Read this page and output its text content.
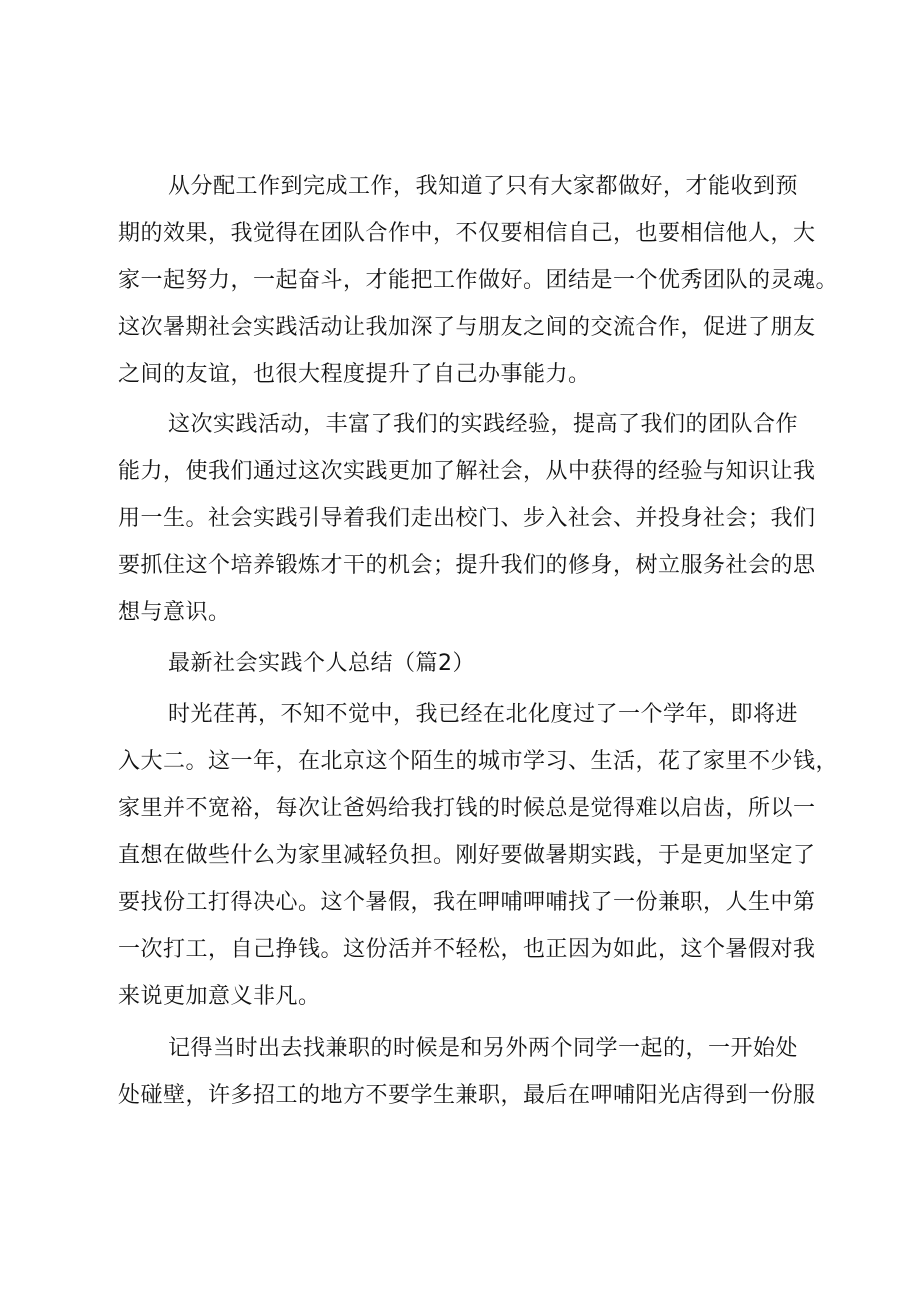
从分配工作到完成工作，我知道了只有大家都做好，才能收到预
期的效果，我觉得在团队合作中，不仅要相信自己，也要相信他人，大
家一起努力，一起奋斗，才能把工作做好。团结是一个优秀团队的灵魂。
这次暑期社会实践活动让我加深了与朋友之间的交流合作，促进了朋友
之间的友谊，也很大程度提升了自己办事能力。
这次实践活动，丰富了我们的实践经验，提高了我们的团队合作
能力，使我们通过这次实践更加了解社会，从中获得的经验与知识让我
用一生。社会实践引导着我们走出校门、步入社会、并投身社会；我们
要抓住这个培养锻炼才干的机会；提升我们的修身，树立服务社会的思
想与意识。
最新社会实践个人总结（篇2）
时光荏苒，不知不觉中，我已经在北化度过了一个学年，即将进
入大二。这一年，在北京这个陌生的城市学习、生活，花了家里不少钱，
家里并不宽裕，每次让爸妈给我打钱的时候总是觉得难以启齿，所以一
直想在做些什么为家里减轻负担。刚好要做暑期实践，于是更加坚定了
要找份工打得决心。这个暑假，我在呷哺呷哺找了一份兼职，人生中第
一次打工，自己挣钱。这份活并不轻松，也正因为如此，这个暑假对我
来说更加意义非凡。
记得当时出去找兼职的时候是和另外两个同学一起的，一开始处
处碰壁，许多招工的地方不要学生兼职，最后在呷哺阳光店得到一份服
